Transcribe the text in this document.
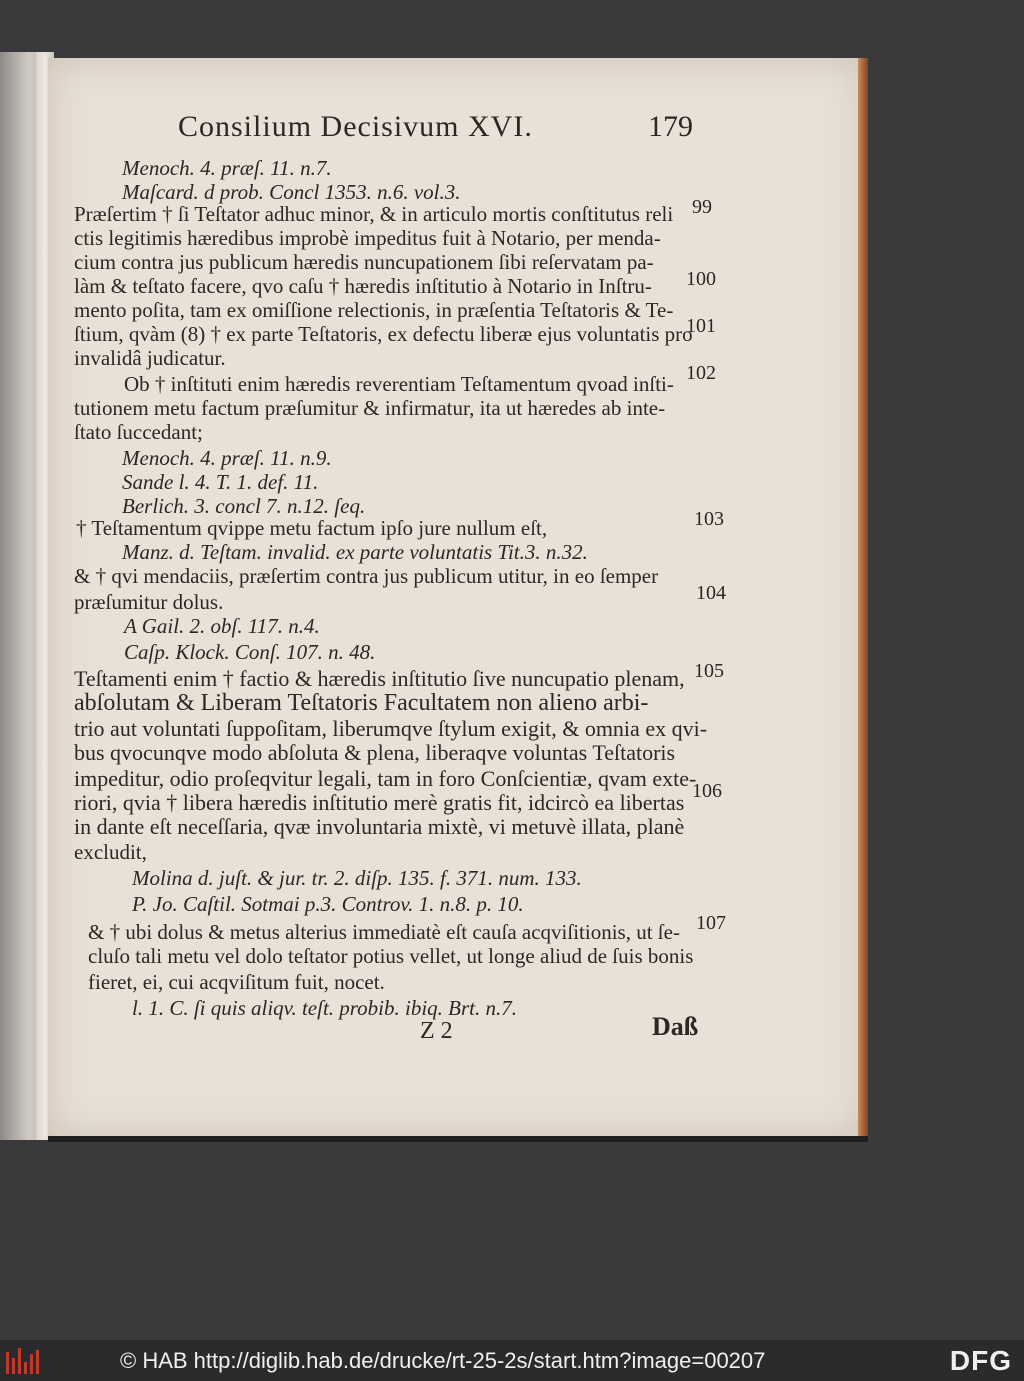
Consilium Decisivum XVI.	179
Menoch. 4. præſ. 11. n.7.
Maſcard. d prob. Concl 1353. n.6. vol.3.
Præſertim † ſi Teſtator adhuc minor, & in articulo mortis conſtitutus reli
ctis legitimis hæredibus improbè impeditus fuit à Notario, per menda-
cium contra jus publicum hæredis nuncupationem ſibi reſervatam pa-
làm & teſtato facere, qvo caſu † hæredis inſtitutio à Notario in Inſtru-
mento poſita, tam ex omiſſione relectionis, in præſentia Teſtatoris & Te-
ſtium, qvàm (8) † ex parte Teſtatoris, ex defectu liberæ ejus voluntatis pro
invalidâ judicatur.
Ob † inſtituti enim hæredis reverentiam Teſtamentum qvoad inſti-
tutionem metu factum præſumitur & infirmatur, ita ut hæredes ab inte-
ſtato ſuccedant;
Menoch. 4. præſ. 11. n.9.
Sande l. 4. T. 1. def. 11.
Berlich. 3. concl 7. n.12. ſeq.
† Teſtamentum qvippe metu factum ipſo jure nullum eſt,
Manz. d. Teſtam. invalid. ex parte voluntatis Tit.3. n.32.
& † qvi mendaciis, præſertim contra jus publicum utitur, in eo ſemper
præſumitur dolus.
A Gail. 2. obſ. 117. n.4.
Caſp. Klock. Conſ. 107. n. 48.
Teſtamenti enim † factio & hæredis inſtitutio ſive nuncupatio plenam,
abſolutam & Liberam Teſtatoris Facultatem non alieno arbi-
trio aut voluntati ſuppoſitam, liberumqve ſtylum exigit, & omnia ex qvi-
bus qvocunqve modo abſoluta & plena, liberaqve voluntas Teſtatoris
impeditur, odio proſeqvitur legali, tam in foro Conſcientiæ, qvam exte-
riori, qvia † libera hæredis inſtitutio merè gratis fit, idcircò ea libertas
in dante eſt neceſſaria, qvæ involuntaria mixtè, vi metuvè illata, planè
excludit,
Molina d. juſt. & jur. tr. 2. diſp. 135. f. 371. num. 133.
P. Jo. Caſtil. Sotmai p.3. Controv. 1. n.8. p. 10.
& † ubi dolus & metus alterius immediatè eſt cauſa acqviſitionis, ut ſe-
cluſo tali metu vel dolo teſtator potius vellet, ut longe aliud de ſuis bonis
fieret, ei, cui acqviſitum fuit, nocet.
l. 1. C. ſi quis aliqv. teſt. probib. ibiq. Brt. n.7.
99
100
101
102
103
104
105
106
107
Z 2	Daß
© HAB http://diglib.hab.de/drucke/rt-25-2s/start.htm?image=00207	DFG
